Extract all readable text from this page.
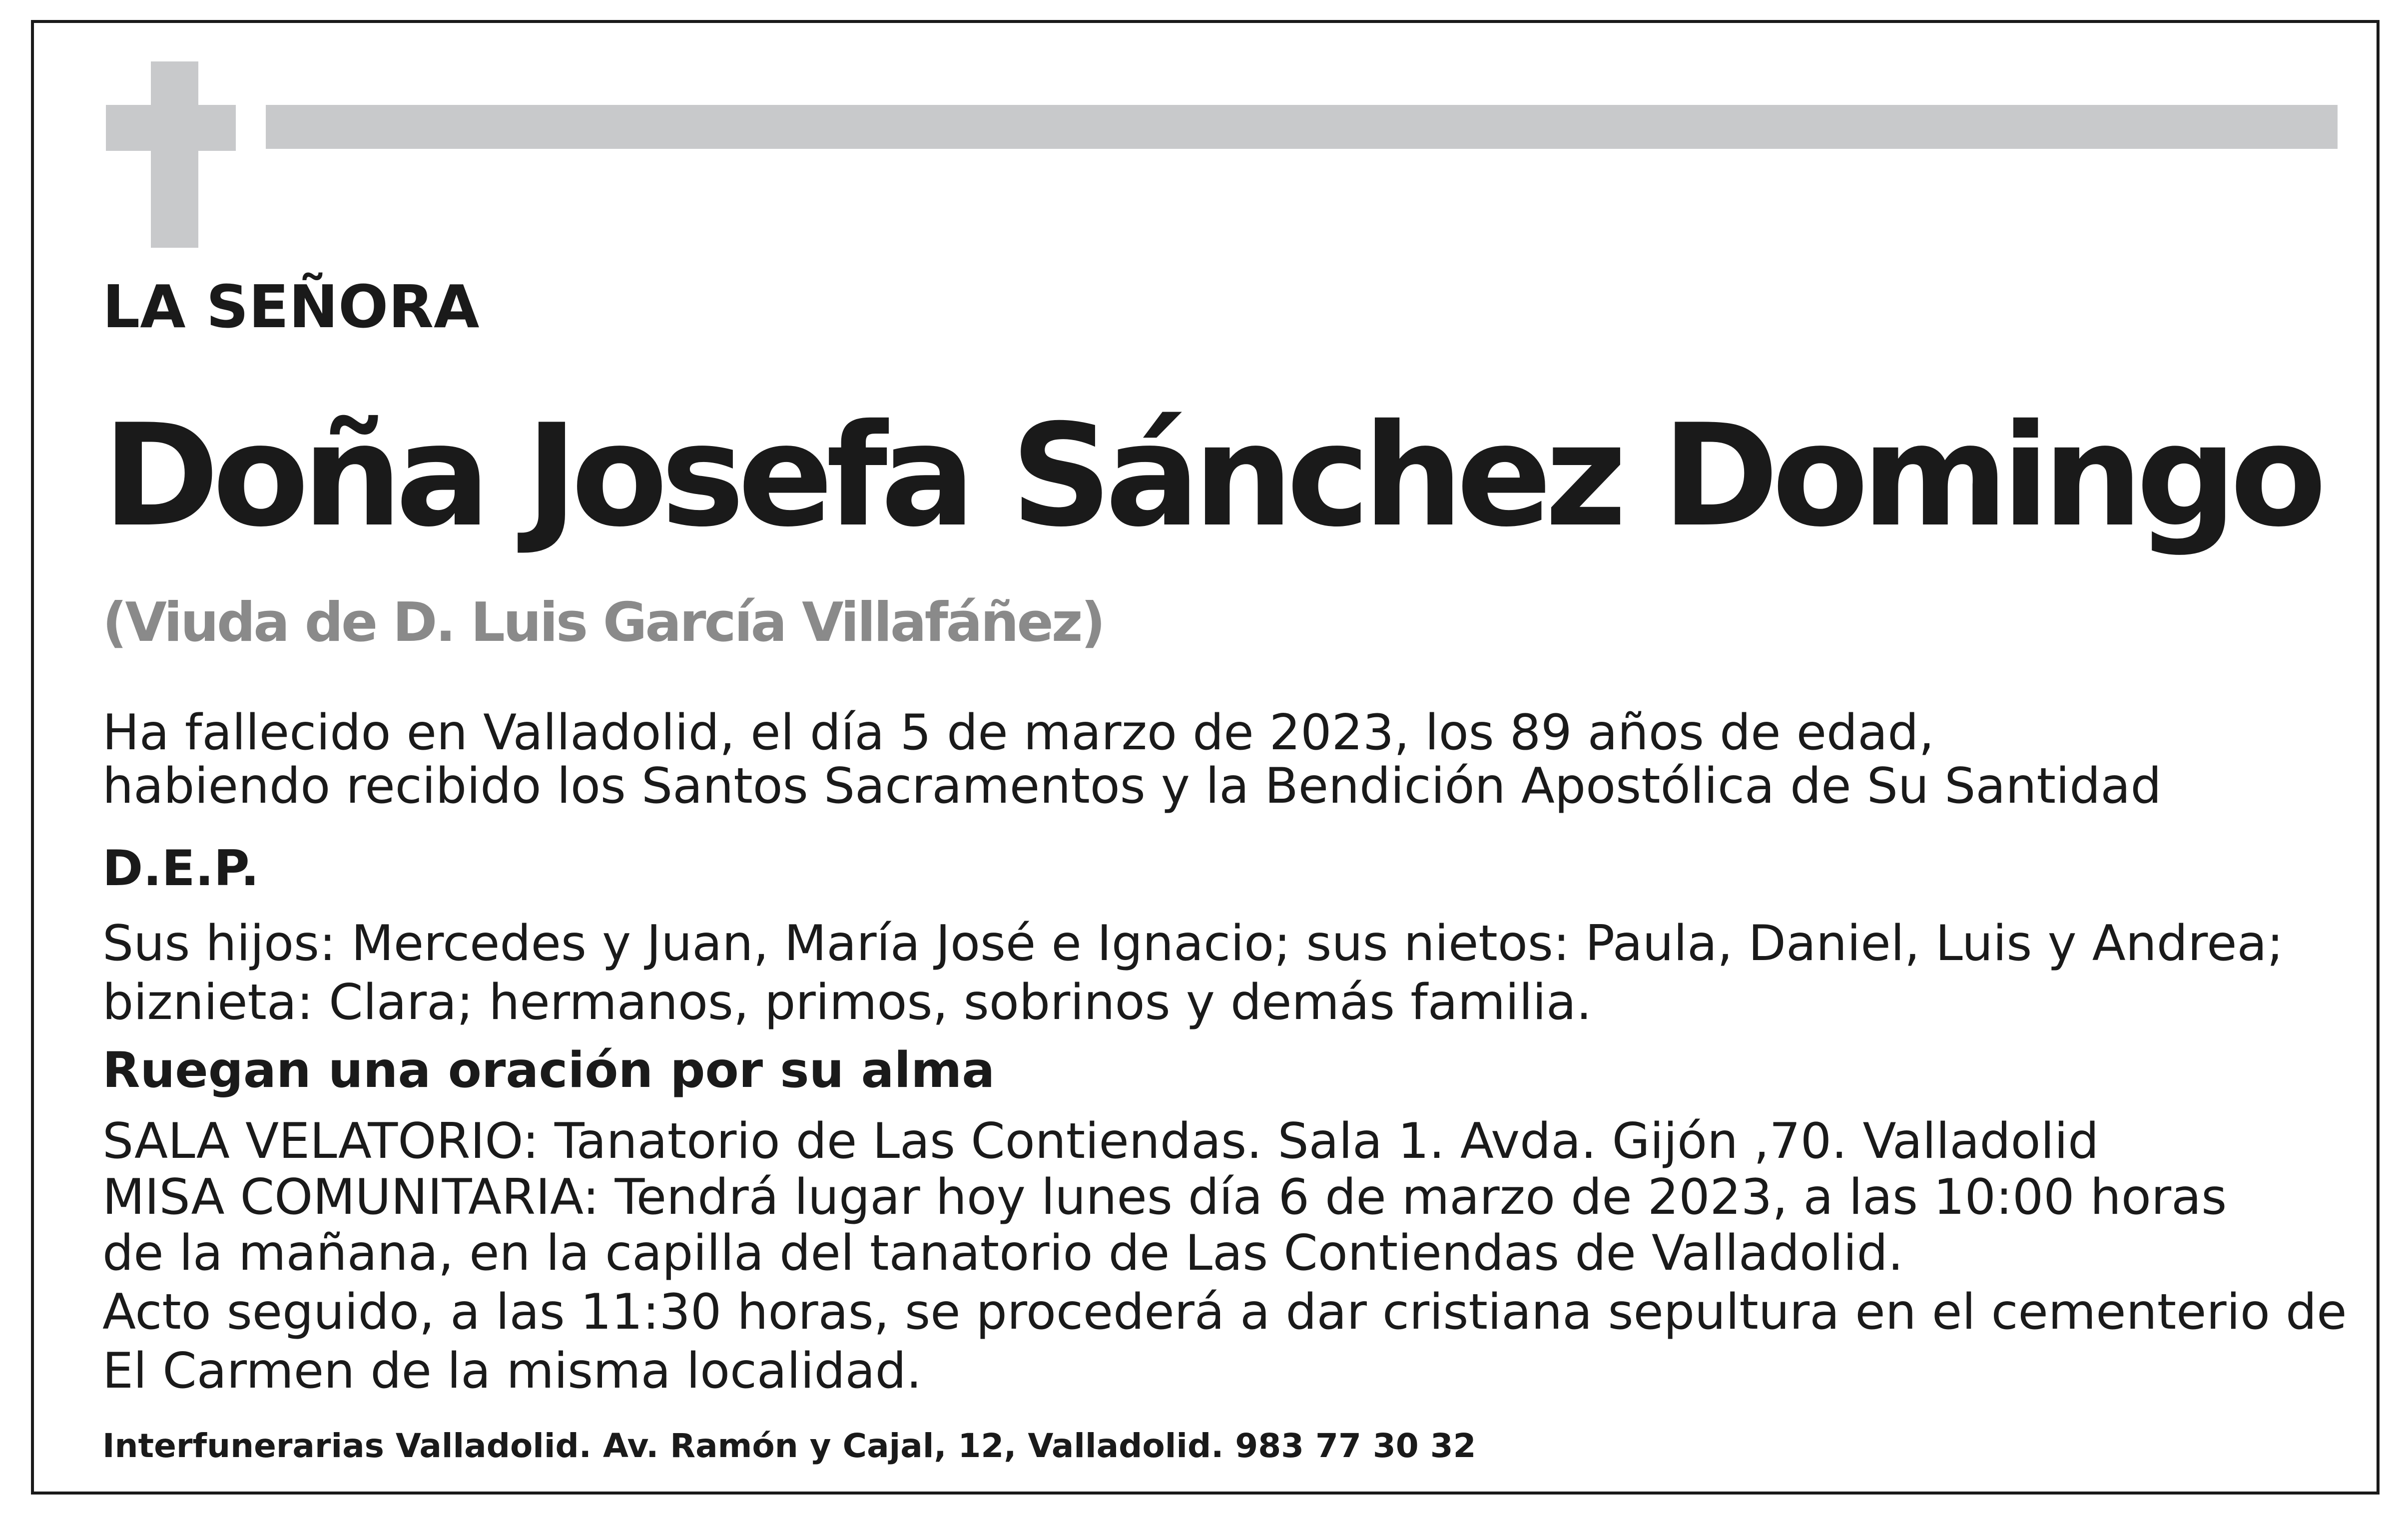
LA SEÑORA

Doña Josefa Sánchez Domingo

(Viuda de D. Luis García Villafáñez)

Ha fallecido en Valladolid, el día 5 de marzo de 2023, los 89 años de edad,

habiendo recibido los Santos Sacramentos y la Bendición Apostólica de Su Santidad

D.E.P.

Sus hijos: Mercedes y Juan, María José e Ignacio; sus nietos: Paula, Daniel, Luis y Andrea;

biznieta: Clara; hermanos, primos, sobrinos y demás familia.

Ruegan una oración por su alma

SALA VELATORIO: Tanatorio de Las Contiendas. Sala 1. Avda. Gijón ,70. Valladolid

MISA COMUNITARIA: Tendrá lugar hoy lunes día 6 de marzo de 2023, a las 10:00 horas

de la mañana, en la capilla del tanatorio de Las Contiendas de Valladolid.

Acto seguido, a las 11:30 horas, se procederá a dar cristiana sepultura en el cementerio de

El Carmen de la misma localidad.

Interfunerarias Valladolid. Av. Ramón y Cajal, 12, Valladolid. 983 77 30 32
